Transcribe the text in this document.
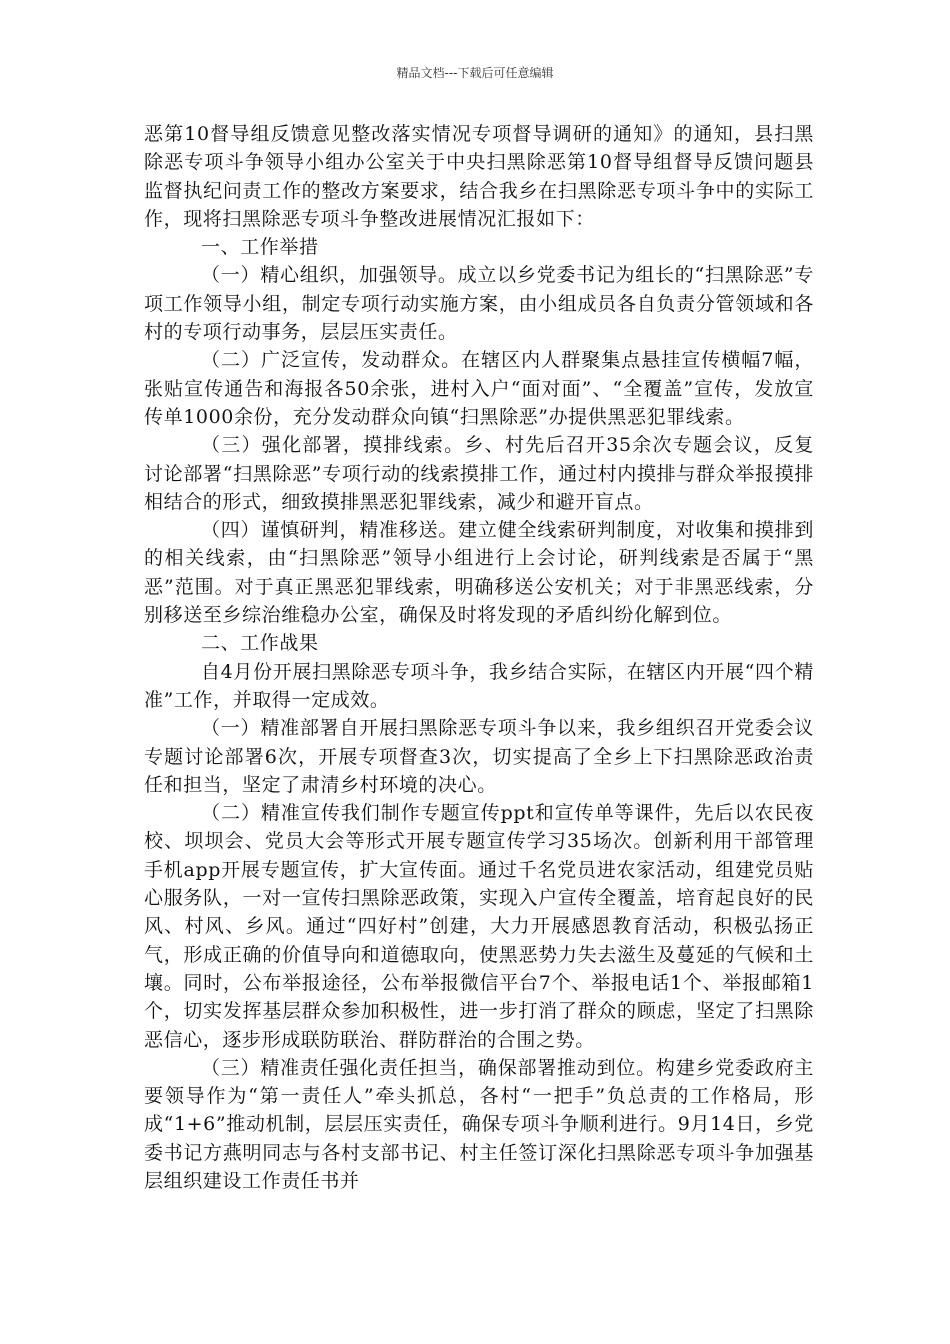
精品文档---下载后可任意编辑

恶第10督导组反馈意见整改落实情况专项督导调研的通知》的通知，县扫黑除恶专项斗争领导小组办公室关于中央扫黑除恶第10督导组督导反馈问题县监督执纪问责工作的整改方案要求，结合我乡在扫黑除恶专项斗争中的实际工作，现将扫黑除恶专项斗争整改进展情况汇报如下：

一、工作举措

（一）精心组织，加强领导。成立以乡党委书记为组长的“扫黑除恶”专项工作领导小组，制定专项行动实施方案，由小组成员各自负责分管领域和各村的专项行动事务，层层压实责任。

（二）广泛宣传，发动群众。在辖区内人群聚集点悬挂宣传横幅7幅，张贴宣传通告和海报各50余张，进村入户“面对面”、“全覆盖”宣传，发放宣传单1000余份，充分发动群众向镇“扫黑除恶”办提供黑恶犯罪线索。

（三）强化部署，摸排线索。乡、村先后召开35余次专题会议，反复讨论部署“扫黑除恶”专项行动的线索摸排工作，通过村内摸排与群众举报摸排相结合的形式，细致摸排黑恶犯罪线索，减少和避开盲点。

（四）谨慎研判，精准移送。建立健全线索研判制度，对收集和摸排到的相关线索，由“扫黑除恶”领导小组进行上会讨论，研判线索是否属于“黑恶”范围。对于真正黑恶犯罪线索，明确移送公安机关；对于非黑恶线索，分别移送至乡综治维稳办公室，确保及时将发现的矛盾纠纷化解到位。

二、工作战果

自4月份开展扫黑除恶专项斗争，我乡结合实际，在辖区内开展“四个精准”工作，并取得一定成效。

（一）精准部署自开展扫黑除恶专项斗争以来，我乡组织召开党委会议专题讨论部署6次，开展专项督查3次，切实提高了全乡上下扫黑除恶政治责任和担当，坚定了肃清乡村环境的决心。

（二）精准宣传我们制作专题宣传ppt和宣传单等课件，先后以农民夜校、坝坝会、党员大会等形式开展专题宣传学习35场次。创新利用干部管理手机app开展专题宣传，扩大宣传面。通过千名党员进农家活动，组建党员贴心服务队，一对一宣传扫黑除恶政策，实现入户宣传全覆盖，培育起良好的民风、村风、乡风。通过“四好村”创建，大力开展感恩教育活动，积极弘扬正气，形成正确的价值导向和道德取向，使黑恶势力失去滋生及蔓延的气候和土壤。同时，公布举报途径，公布举报微信平台7个、举报电话1个、举报邮箱1个，切实发挥基层群众参加积极性，进一步打消了群众的顾虑，坚定了扫黑除恶信心，逐步形成联防联治、群防群治的合围之势。

（三）精准责任强化责任担当，确保部署推动到位。构建乡党委政府主要领导作为“第一责任人”牵头抓总，各村“一把手”负总责的工作格局，形成“1+6”推动机制，层层压实责任，确保专项斗争顺利进行。9月14日，乡党委书记方燕明同志与各村支部书记、村主任签订深化扫黑除恶专项斗争加强基层组织建设工作责任书并
